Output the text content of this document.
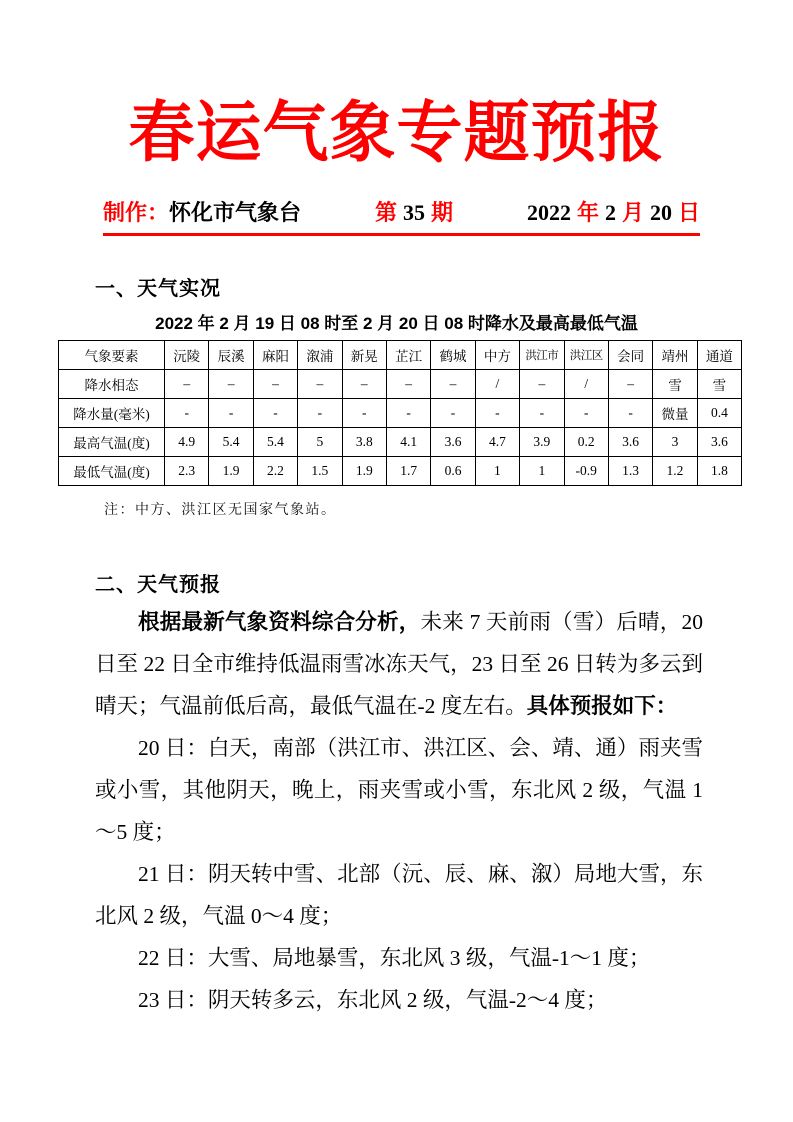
春运气象专题预报
制作：怀化市气象台	第 35 期	2022 年 2 月 20 日
一、天气实况
2022 年 2 月 19 日 08 时至 2 月 20 日 08 时降水及最高最低气温
气象要素	沅陵	辰溪	麻阳	溆浦	新晃	芷江	鹤城	中方	洪江市	洪江区	会同	靖州	通道
降水相态	–	–	–	–	–	–	–	/	–	/	–	雪	雪
降水量(毫米)	-	-	-	-	-	-	-	-	-	-	-	微量	0.4
最高气温(度)	4.9	5.4	5.4	5	3.8	4.1	3.6	4.7	3.9	0.2	3.6	3	3.6
最低气温(度)	2.3	1.9	2.2	1.5	1.9	1.7	0.6	1	1	-0.9	1.3	1.2	1.8
注：中方、洪江区无国家气象站。
二、天气预报

根据最新气象资料综合分析，未来 7 天前雨（雪）后晴，20 日至 22 日全市维持低温雨雪冰冻天气，23 日至 26 日转为多云到晴天；气温前低后高，最低气温在-2 度左右。具体预报如下：

20 日：白天，南部（洪江市、洪江区、会、靖、通）雨夹雪或小雪，其他阴天，晚上，雨夹雪或小雪，东北风 2 级，气温 1～5 度；

21 日：阴天转中雪、北部（沅、辰、麻、溆）局地大雪，东北风 2 级，气温 0～4 度；

22 日：大雪、局地暴雪，东北风 3 级，气温-1～1 度；

23 日：阴天转多云，东北风 2 级，气温-2～4 度；
